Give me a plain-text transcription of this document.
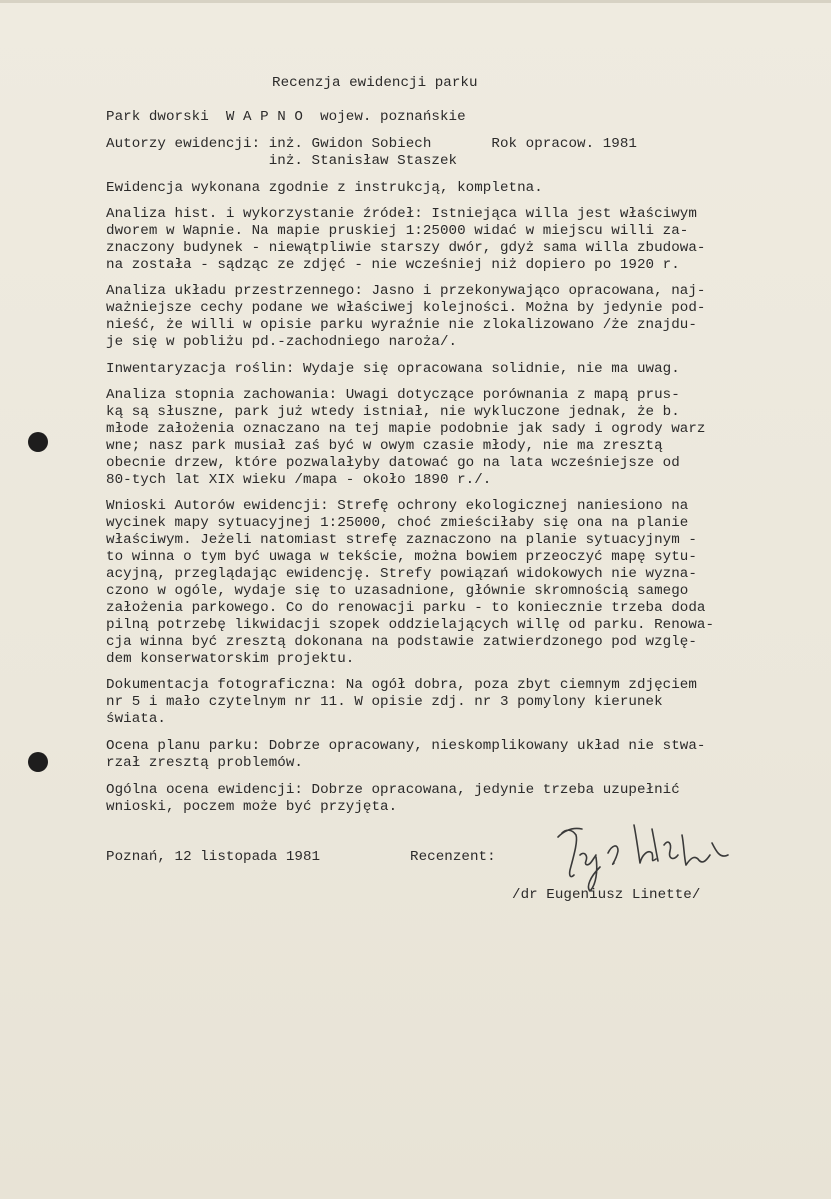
Recenzja ewidencji parku
Park dworski  W A P N O  wojew. poznańskie
Autorzy ewidencji: inż. Gwidon Sobiech       Rok opracow. 1981
inż. Stanisław Staszek
Ewidencja wykonana zgodnie z instrukcją, kompletna.
Analiza hist. i wykorzystanie źródeł: Istniejąca willa jest właściwym
dworem w Wapnie. Na mapie pruskiej 1:25000 widać w miejscu willi za-
znaczony budynek - niewątpliwie starszy dwór, gdyż sama willa zbudowa-
na została - sądząc ze zdjęć - nie wcześniej niż dopiero po 1920 r.
Analiza układu przestrzennego: Jasno i przekonywająco opracowana, naj-
ważniejsze cechy podane we właściwej kolejności. Można by jedynie pod-
nieść, że willi w opisie parku wyraźnie nie zlokalizowano /że znajdu-
je się w pobliżu pd.-zachodniego naroża/.
Inwentaryzacja roślin: Wydaje się opracowana solidnie, nie ma uwag.
Analiza stopnia zachowania: Uwagi dotyczące porównania z mapą prus-
ką są słuszne, park już wtedy istniał, nie wykluczone jednak, że b.
młode założenia oznaczano na tej mapie podobnie jak sady i ogrody warz
wne; nasz park musiał zaś być w owym czasie młody, nie ma zresztą
obecnie drzew, które pozwalałyby datować go na lata wcześniejsze od
80-tych lat XIX wieku /mapa - około 1890 r./.
Wnioski Autorów ewidencji: Strefę ochrony ekologicznej naniesiono na
wycinek mapy sytuacyjnej 1:25000, choć zmieściłaby się ona na planie
właściwym. Jeżeli natomiast strefę zaznaczono na planie sytuacyjnym -
to winna o tym być uwaga w tekście, można bowiem przeoczyć mapę sytu-
acyjną, przeglądając ewidencję. Strefy powiązań widokowych nie wyzna-
czono w ogóle, wydaje się to uzasadnione, głównie skromnością samego
założenia parkowego. Co do renowacji parku - to koniecznie trzeba doda
pilną potrzebę likwidacji szopek oddzielających willę od parku. Renowa-
cja winna być zresztą dokonana na podstawie zatwierdzonego pod wzglę-
dem konserwatorskim projektu.
Dokumentacja fotograficzna: Na ogół dobra, poza zbyt ciemnym zdjęciem
nr 5 i mało czytelnym nr 11. W opisie zdj. nr 3 pomylony kierunek
świata.
Ocena planu parku: Dobrze opracowany, nieskomplikowany układ nie stwa-
rzał zresztą problemów.
Ogólna ocena ewidencji: Dobrze opracowana, jedynie trzeba uzupełnić
wnioski, poczem może być przyjęta.
Poznań, 12 listopada 1981	Recenzent:
/dr Eugeniusz Linette/
